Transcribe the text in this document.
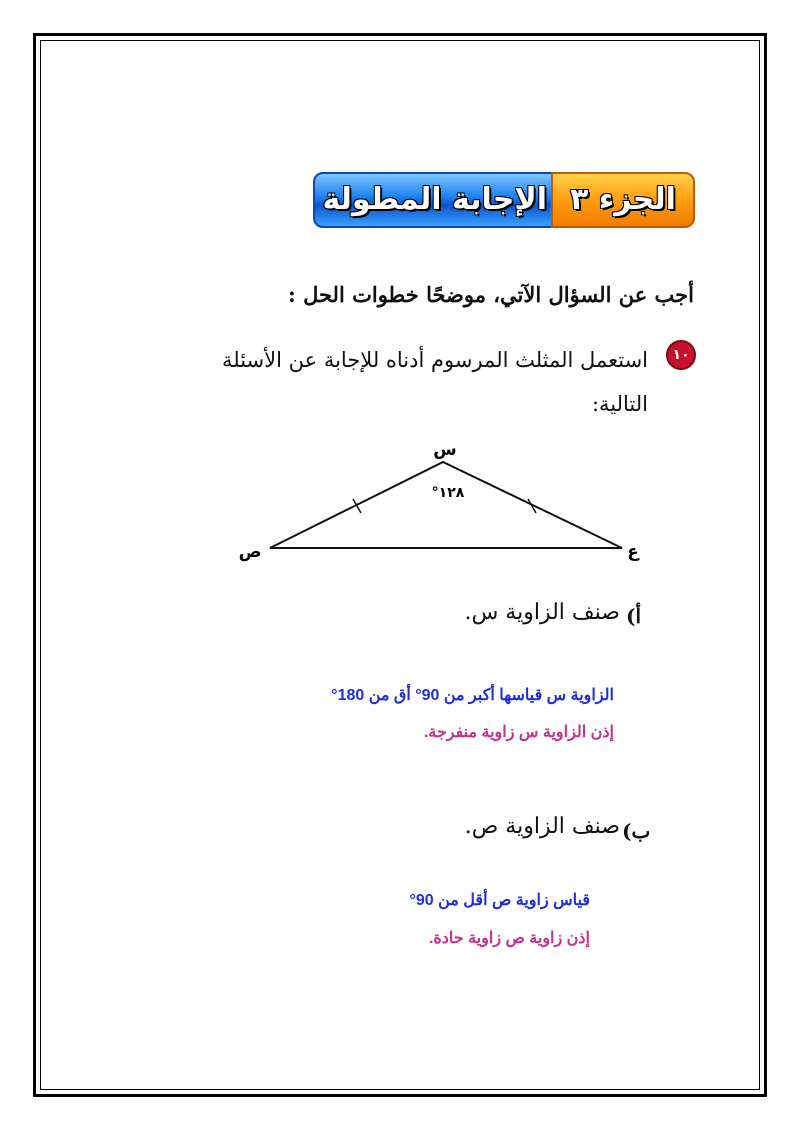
الإجابة المطولة الجزء ٣
أجب عن السؤال الآتي، موضحًا خطوات الحل :
١٠
استعمل المثلث المرسوم أدناه للإجابة عن الأسئلة
التالية:
س
ص	ع
°١٢٨
أ)
صنف الزاوية س.
الزاوية س قياسها أكبر من 90° أق من 180°
إذن الزاوية س زاوية منفرجة.
ب)
صنف الزاوية ص.
قياس زاوية ص أقل من 90°
إذن زاوية ص زاوية حادة.
